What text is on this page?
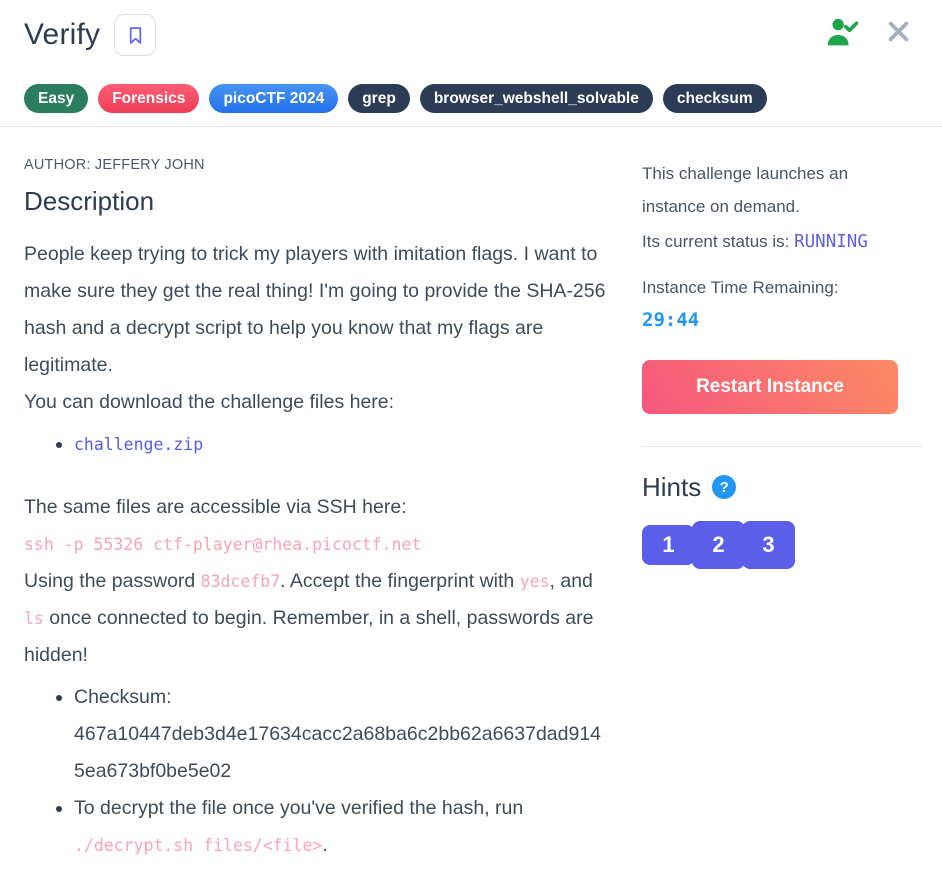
Verify
Easy	Forensics	picoCTF 2024	grep	browser_webshell_solvable	checksum
AUTHOR: JEFFERY JOHN
Description

People keep trying to trick my players with imitation flags. I want to make sure they get the real thing! I'm going to provide the SHA-256 hash and a decrypt script to help you know that my flags are legitimate.

You can download the challenge files here:

• challenge.zip

The same files are accessible via SSH here:

ssh -p 55326 ctf-player@rhea.picoctf.net

Using the password 83dcefb7. Accept the fingerprint with yes, and ls once connected to begin. Remember, in a shell, passwords are hidden!

• Checksum: 467a10447deb3d4e17634cacc2a68ba6c2bb62a6637dad9145ea673bf0be5e02
• To decrypt the file once you've verified the hash, run ./decrypt.sh files/<file>.

This challenge launches an instance on demand.

Its current status is: RUNNING

Instance Time Remaining: 29:44

Restart Instance
Hints	?
1	2	3
